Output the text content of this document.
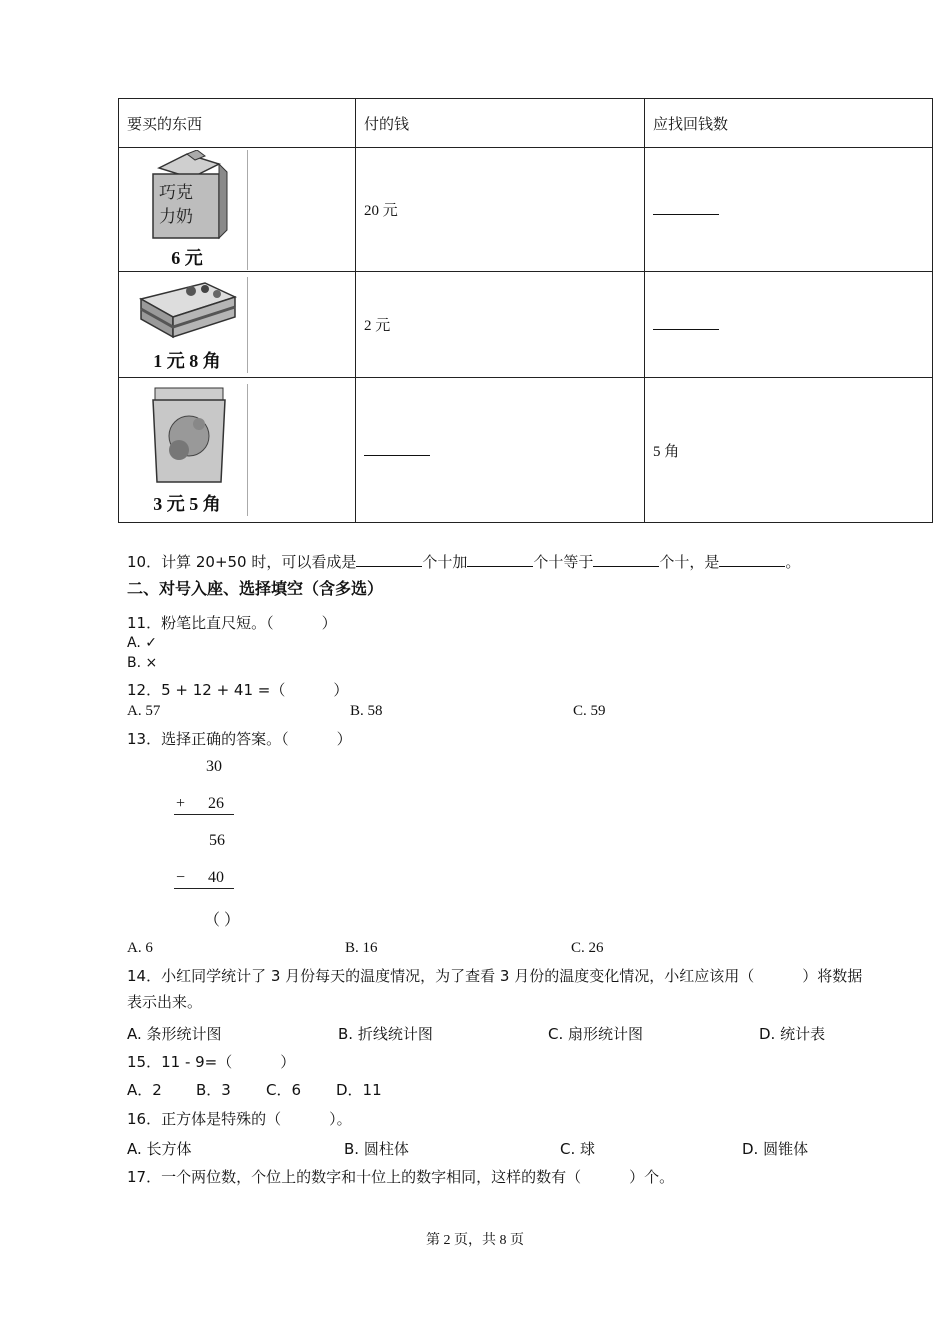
要买的东西	付的钱	应找回钱数

巧克
力奶
6 元	20 元	

1 元 8 角	2 元	

3 元 5 角		5 角
10．计算 20+50 时，可以看成是	个十加	个十等于	个十，是	。
二、对号入座、选择填空（含多选）
11．粉笔比直尺短。（	）
A. ✓
B. ×
12．5 + 12 + 41 =（	）
A. 57	B. 58	C. 59
13．选择正确的答案。（	）
30
+ 26
56
− 40
（ ）
A. 6	B. 16	C. 26
14．小红同学统计了 3 月份每天的温度情况，为了查看 3 月份的温度变化情况，小红应该用（	）将数据
表示出来。
A. 条形统计图	B. 折线统计图	C. 扇形统计图	D. 统计表
15．11 - 9=（	）
A．2 B．3 C．6 D．11
16．正方体是特殊的（	）。
A. 长方体	B. 圆柱体	C. 球	D. 圆锥体
17．一个两位数，个位上的数字和十位上的数字相同，这样的数有（	）个。
第 2 页，共 8 页
